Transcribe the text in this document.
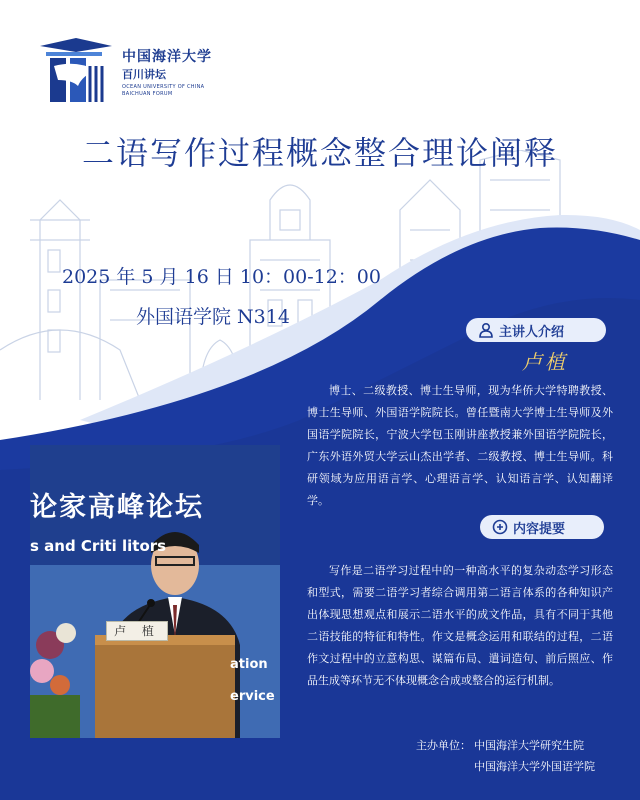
中国海洋大学
百川讲坛
OCEAN UNIVERSITY OF CHINA
BAICHUAN FORUM
二语写作过程概念整合理论阐释
2025 年 5 月 16 日 10：00-12：00
外国语学院 N314
主讲人介绍
卢植
博士、二级教授、博士生导师，现为华侨大学特聘教授、博士生导师、外国语学院院长。曾任暨南大学博士生导师及外国语学院院长，宁波大学包玉刚讲座教授兼外国语学院院长，广东外语外贸大学云山杰出学者、二级教授、博士生导师。科研领域为应用语言学、心理语言学、认知语言学、认知翻译学。
内容提要
写作是二语学习过程中的一种高水平的复杂动态学习形态和型式，需要二语学习者综合调用第二语言体系的各种知识产出体现思想观点和展示二语水平的成文作品，具有不同于其他二语技能的特征和特性。作文是概念运用和联结的过程，二语作文过程中的立意构思、谋篇布局、遣词造句、前后照应、作品生成等环节无不体现概念合成或整合的运行机制。
主办单位： 中国海洋大学研究生院
中国海洋大学外国语学院
论家高峰论坛
s and Criti litors
ation
ervice
卢 植
